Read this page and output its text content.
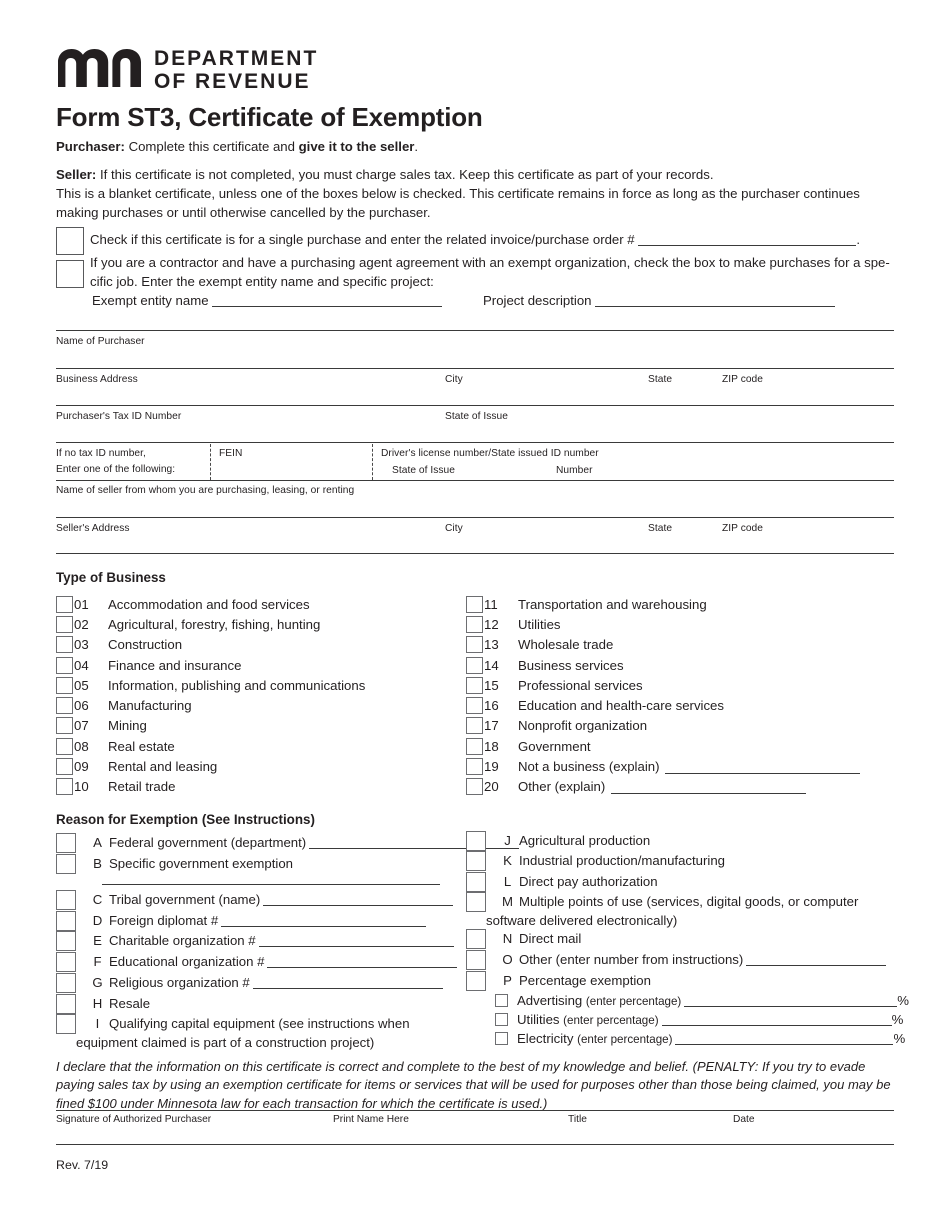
DEPARTMENT
OF REVENUE
Form ST3, Certificate of Exemption
Purchaser: Complete this certificate and give it to the seller.
Seller: If this certificate is not completed, you must charge sales tax. Keep this certificate as part of your records.
This is a blanket certificate, unless one of the boxes below is checked. This certificate remains in force as long as the purchaser continues making purchases or until otherwise cancelled by the purchaser.
Check if this certificate is for a single purchase and enter the related invoice/purchase order #	.
If you are a contractor and have a purchasing agent agreement with an exempt organization, check the box to make purchases for a spe-
cific job. Enter the exempt entity name and specific project:
Exempt entity name	Project description
Name of Purchaser
Business Address	City	State	ZIP code
Purchaser's Tax ID Number	State of Issue
If no tax ID number,
Enter one of the following:
FEIN	Driver's license number/State issued ID number
State of Issue	Number
Name of seller from whom you are purchasing, leasing, or renting
Seller's Address	City	State	ZIP code
Type of Business
01	Accommodation and food services
02	Agricultural, forestry, fishing, hunting
03	Construction
04	Finance and insurance
05	Information, publishing and communications
06	Manufacturing
07	Mining
08	Real estate
09	Rental and leasing
10	Retail trade
11	Transportation and warehousing
12	Utilities
13	Wholesale trade
14	Business services
15	Professional services
16	Education and health-care services
17	Nonprofit organization
18	Government
19	Not a business (explain)
20	Other (explain)
Reason for Exemption (See Instructions)
A Federal government (department)
B Specific government exemption
C Tribal government (name)
D Foreign diplomat #
E Charitable organization #
F Educational organization #
G Religious organization #
H Resale
I Qualifying capital equipment (see instructions when
equipment claimed is part of a construction project)
J Agricultural production
K Industrial production/manufacturing
L Direct pay authorization
M Multiple points of use (services, digital goods, or computer
software delivered electronically)
N Direct mail
O Other (enter number from instructions)
P Percentage exemption
Advertising (enter percentage)	%
Utilities (enter percentage)	%
Electricity (enter percentage)	%
I declare that the information on this certificate is correct and complete to the best of my knowledge and belief. (PENALTY: If you try to evade paying sales tax by using an exemption certificate for items or services that will be used for purposes other than those being claimed, you may be fined $100 under Minnesota law for each transaction for which the certificate is used.)
Signature of Authorized Purchaser	Print Name Here	Title	Date
Rev. 7/19
